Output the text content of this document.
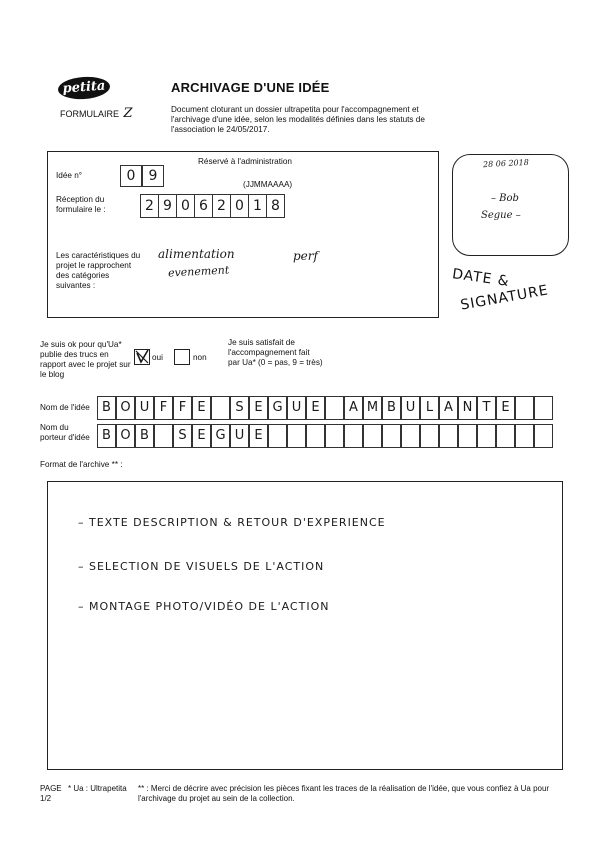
petita
FORMULAIRE Z
ARCHIVAGE D'UNE IDÉE
Document cloturant un dossier ultrapetita pour l'accompagnement et l'archivage d'une idée, selon les modalités définies dans les statuts de l'association le 24/05/2017.
Réservé à l'administration
Idée n°	0 9
(JJMMAAAA)
Réception du formulaire le :	2 9 0 6 2 0 1 8
Les caractéristiques du projet le rapprochent des catégories suivantes :
alimentation	perf
evenement
28 06 2018
– Bob
Segue –
DATE &
SIGNATURE
Je suis ok pour qu'Ua* publie des trucs en rapport avec le projet sur le blog
oui	non
Je suis satisfait de l'accompagnement fait par Ua* (0 = pas, 9 = très)
Nom de l'idée B O U F F E	S E G U E	A M B U L A N T E
Nom du porteur d'idée B O B	S E G U E
Format de l'archive ** :
– TEXTE DESCRIPTION & RETOUR D'EXPERIENCE
– SELECTION DE VISUELS DE L'ACTION
– MONTAGE PHOTO/VIDÉO DE L'ACTION
PAGE 1/2
* Ua : Ultrapetita ** : Merci de décrire avec précision les pièces fixant les traces de la réalisation de l'idée, que vous confiez à Ua pour l'archivage du projet au sein de la collection.
